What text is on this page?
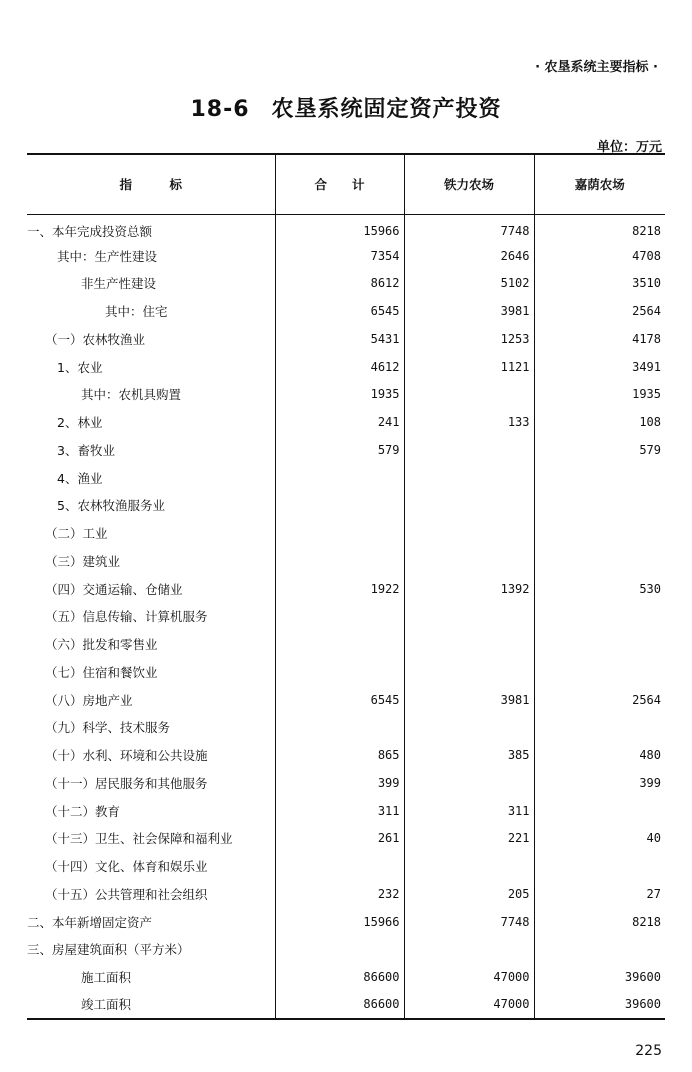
· 农垦系统主要指标 ·
18-6 农垦系统固定资产投资
单位：万元
指　　　标	合　　计	铁力农场	嘉荫农场
一、本年完成投资总额	15966	7748	8218
其中：生产性建设	7354	2646	4708
非生产性建设	8612	5102	3510
其中：住宅	6545	3981	2564
（一）农林牧渔业	5431	1253	4178
1、农业	4612	1121	3491
其中：农机具购置	1935		1935
2、林业	241	133	108
3、畜牧业	579		579
4、渔业			
5、农林牧渔服务业			
（二）工业			
（三）建筑业			
（四）交通运输、仓储业	1922	1392	530
（五）信息传输、计算机服务			
（六）批发和零售业			
（七）住宿和餐饮业			
（八）房地产业	6545	3981	2564
（九）科学、技术服务			
（十）水利、环境和公共设施	865	385	480
（十一）居民服务和其他服务	399		399
（十二）教育	311	311	
（十三）卫生、社会保障和福利业	261	221	40
（十四）文化、体育和娱乐业			
（十五）公共管理和社会组织	232	205	27
二、本年新增固定资产	15966	7748	8218
三、房屋建筑面积（平方米）			
施工面积	86600	47000	39600
竣工面积	86600	47000	39600
225
